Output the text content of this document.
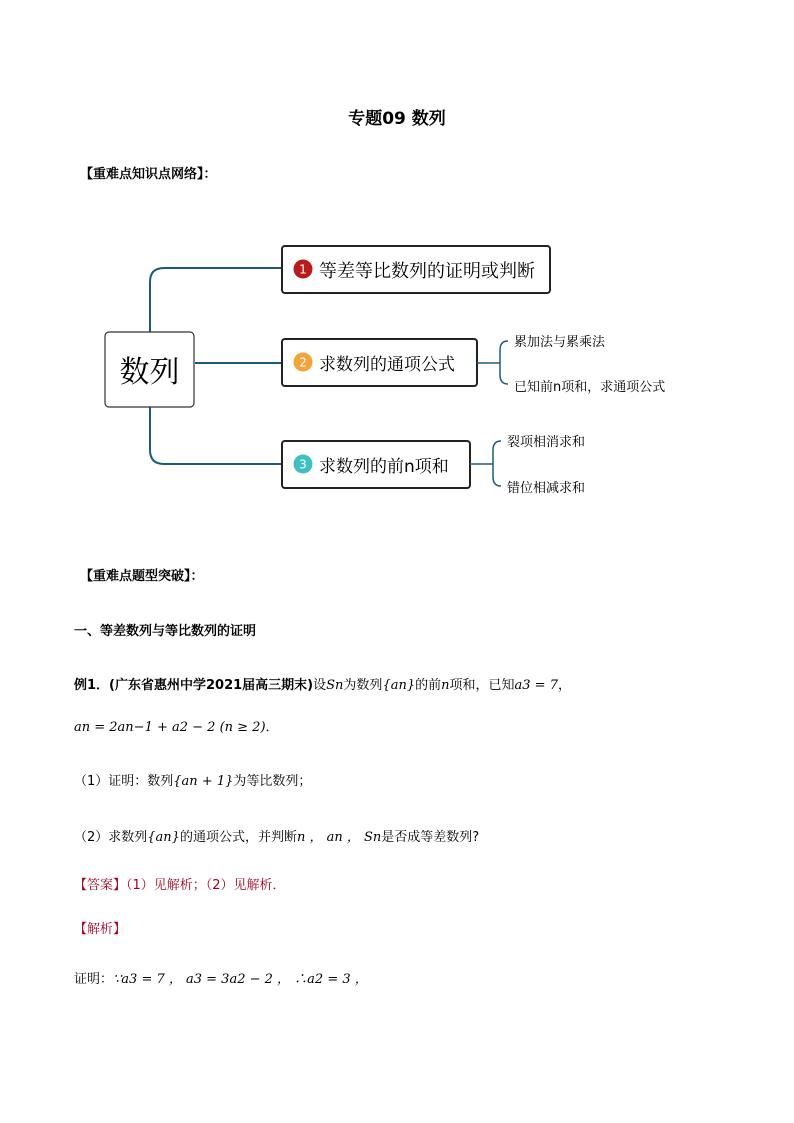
专题09 数列
【重难点知识点网络】：
数列
1 等差等比数列的证明或判断
2 求数列的通项公式
累加法与累乘法
已知前n项和，求通项公式
3 求数列的前n项和
裂项相消求和
错位相减求和
【重难点题型突破】：
一、等差数列与等比数列的证明
例1．(广东省惠州中学2021届高三期末)设Sn为数列{an}的前n项和，已知a3 = 7，
an = 2an−1 + a2 − 2 (n ≥ 2)．
（1）证明：数列{an + 1}为等比数列；
（2）求数列{an}的通项公式，并判断n ， an ， Sn是否成等差数列?
【答案】（1）见解析；（2）见解析．
【解析】
证明：∵a3 = 7 ， a3 = 3a2 − 2 ， ∴a2 = 3 ，
